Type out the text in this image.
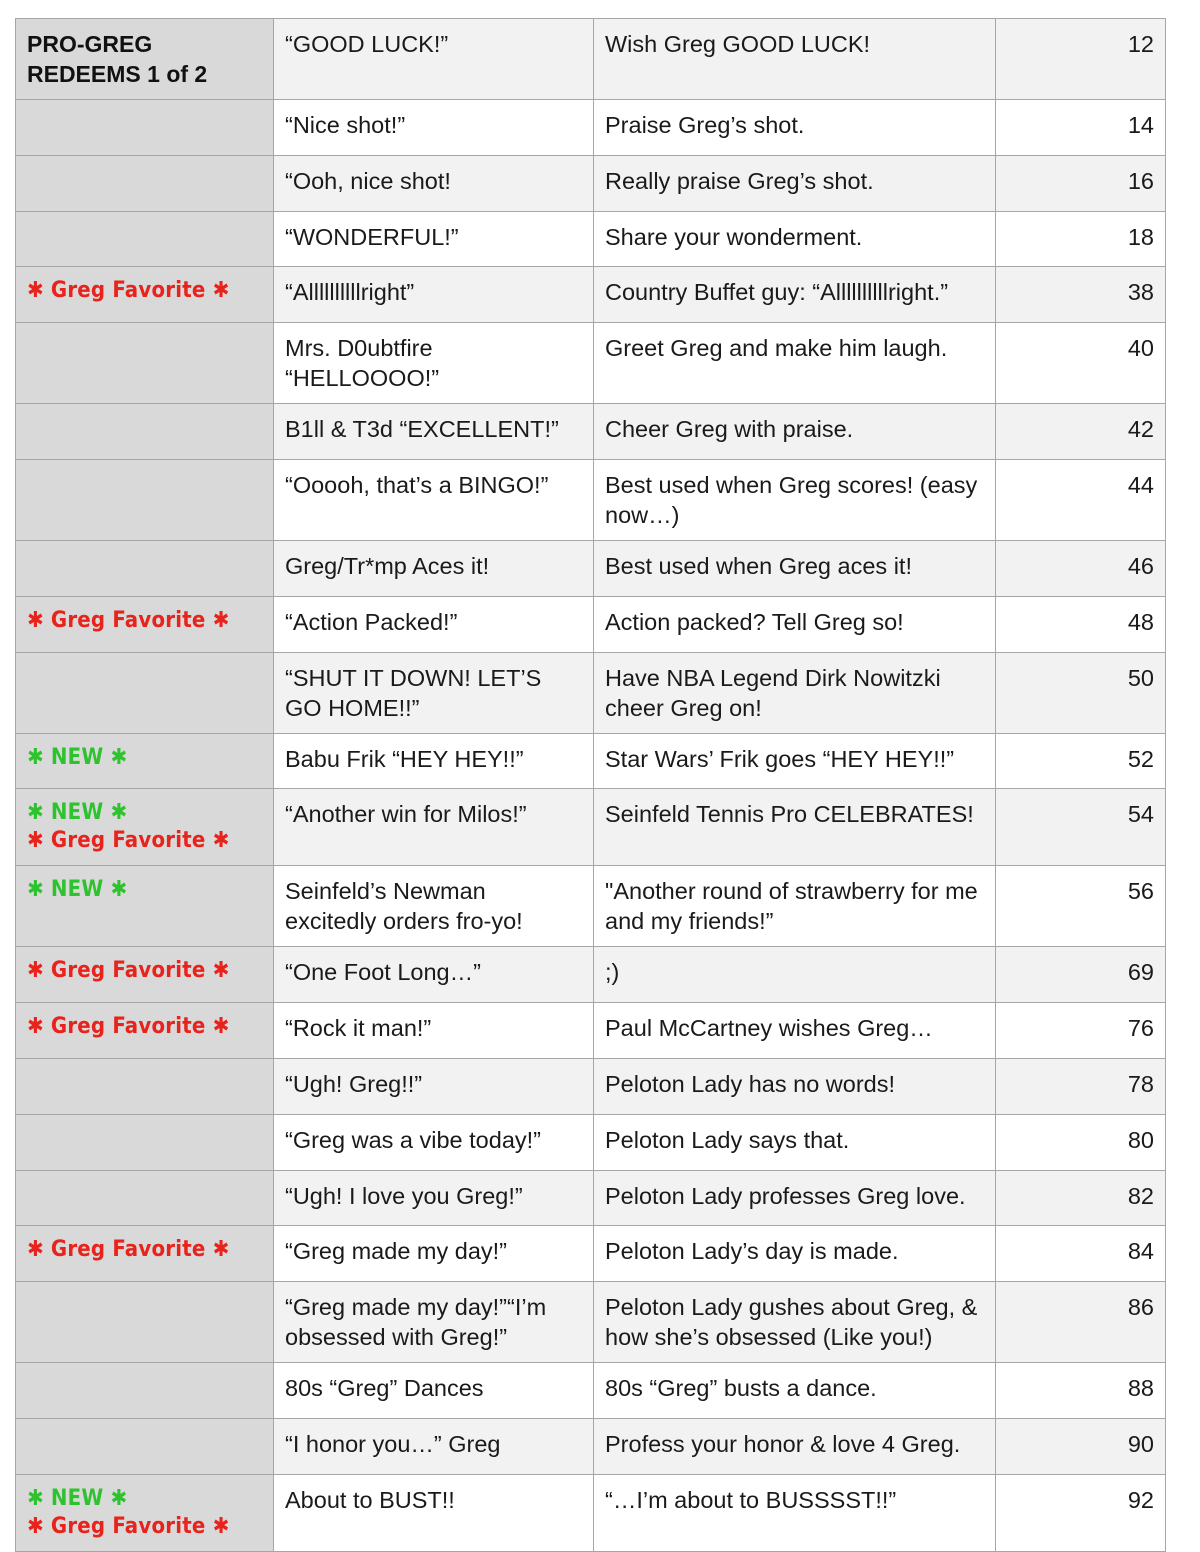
PRO-GREG
REDEEMS 1 of 2	“GOOD LUCK!”	Wish Greg GOOD LUCK!	12
	“Nice shot!”	Praise Greg’s shot.	14
	“Ooh, nice shot!	Really praise Greg’s shot.	16
	“WONDERFUL!”	Share your wonderment.	18

✱ Greg Favorite ✱	“Allllllllllright”	Country Buffet guy: “Allllllllllright.”	38
	Mrs. D0ubtfire “HELLOOOO!”	Greet Greg and make him laugh.	40
	B1ll & T3d “EXCELLENT!”	Cheer Greg with praise.	42
	“Ooooh, that’s a BINGO!”	Best used when Greg scores! (easy now…)	44
	Greg/Tr*mp Aces it!	Best used when Greg aces it!	46

✱ Greg Favorite ✱	“Action Packed!”	Action packed? Tell Greg so!	48
	“SHUT IT DOWN! LET’S GO HOME!!”	Have NBA Legend Dirk Nowitzki cheer Greg on!	50

✱ NEW ✱	Babu Frik “HEY HEY!!”	Star Wars’ Frik goes “HEY HEY!!”	52

✱ NEW ✱
✱ Greg Favorite ✱	“Another win for Milos!”	Seinfeld Tennis Pro CELEBRATES!	54

✱ NEW ✱	Seinfeld’s Newman excitedly orders fro-yo!	"Another round of strawberry for me and my friends!”	56

✱ Greg Favorite ✱	“One Foot Long…”	;)	69

✱ Greg Favorite ✱	“Rock it man!”	Paul McCartney wishes Greg…	76
	“Ugh! Greg!!”	Peloton Lady has no words!	78
	“Greg was a vibe today!”	Peloton Lady says that.	80
	“Ugh! I love you Greg!”	Peloton Lady professes Greg love.	82

✱ Greg Favorite ✱	“Greg made my day!”	Peloton Lady’s day is made.	84
	“Greg made my day!”“I’m obsessed with Greg!”	Peloton Lady gushes about Greg, & how she’s obsessed (Like you!)	86
	80s “Greg” Dances	80s “Greg” busts a dance.	88
	“I honor you…” Greg	Profess your honor & love 4 Greg.	90

✱ NEW ✱
✱ Greg Favorite ✱	About to BUST!!	“…I’m about to BUSSSST!!”	92
